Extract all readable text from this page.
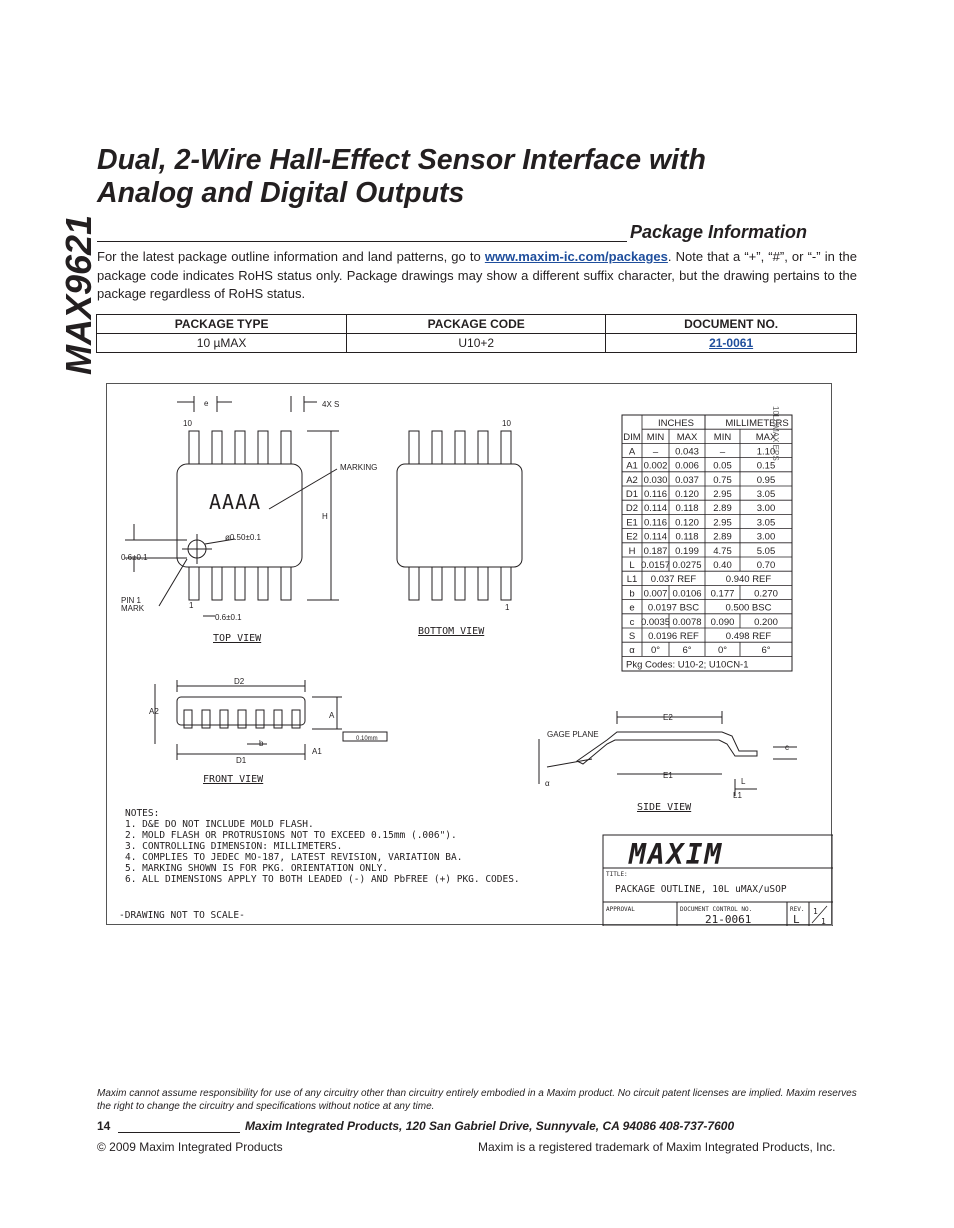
MAX9621
Dual, 2-Wire Hall-Effect Sensor Interface with
Analog and Digital Outputs
Package Information
For the latest package outline information and land patterns, go to www.maxim-ic.com/packages. Note that a “+”, “#”, or “-” in the package code indicates RoHS status only. Package drawings may show a different suffix character, but the drawing pertains to the package regardless of RoHS status.
PACKAGE TYPE	PACKAGE CODE	DOCUMENT NO.
10 µMAX	U10+2	21-0061
INCHES	MILLIMETERS
DIM MIN MAX MIN	MAX
A – 0.043 –	1.10
A1 0.002 0.006 0.05	0.15
A2 0.030 0.037 0.75	0.95
D1 0.116 0.120 2.95	3.05
D2 0.114 0.118 2.89	3.00
E1 0.116 0.120 2.95	3.05
E2 0.114 0.118 2.89	3.00
H 0.187 0.199 4.75	5.05
L 0.0157 0.0275 0.40	0.70
L1 0.037 REF	0.940 REF
b 0.007 0.0106 0.177 0.270
e 0.0197 BSC	0.500 BSC
c 0.0035 0.0078 0.090 0.200
S 0.0196 REF	0.498 REF
α 0° 6°	0°	6°
Pkg Codes: U10-2; U10CN-1
e	4X S
10
MARKING
H
ø0.50±0.1
0.6±0.1
PIN 1
MARK	1
0.6±0.1
10
1
D2
A2	A
b
A1
D1
0.10mm
E2
GAGE PLANE
E1
c
L
L1
α
10LUMAX.EPS
TOP VIEW
BOTTOM VIEW
FRONT VIEW
SIDE VIEW
AAAA
NOTES:
1. D&E DO NOT INCLUDE MOLD FLASH.
2. MOLD FLASH OR PROTRUSIONS NOT TO EXCEED 0.15mm (.006").
3. CONTROLLING DIMENSION: MILLIMETERS.
4. COMPLIES TO JEDEC MO-187, LATEST REVISION, VARIATION BA.
5. MARKING SHOWN IS FOR PKG. ORIENTATION ONLY.
6. ALL DIMENSIONS APPLY TO BOTH LEADED (-) AND PbFREE (+) PKG. CODES.
-DRAWING NOT TO SCALE-
MAXIM
TITLE:
PACKAGE OUTLINE, 10L uMAX/uSOP
APPROVAL	DOCUMENT CONTROL NO.
21-0061
REV.
L
1
1
Maxim cannot assume responsibility for use of any circuitry other than circuitry entirely embodied in a Maxim product. No circuit patent licenses are implied. Maxim reserves the right to change the circuitry and specifications without notice at any time.
14	Maxim Integrated Products, 120 San Gabriel Drive, Sunnyvale, CA 94086 408-737-7600
© 2009 Maxim Integrated Products	Maxim is a registered trademark of Maxim Integrated Products, Inc.
